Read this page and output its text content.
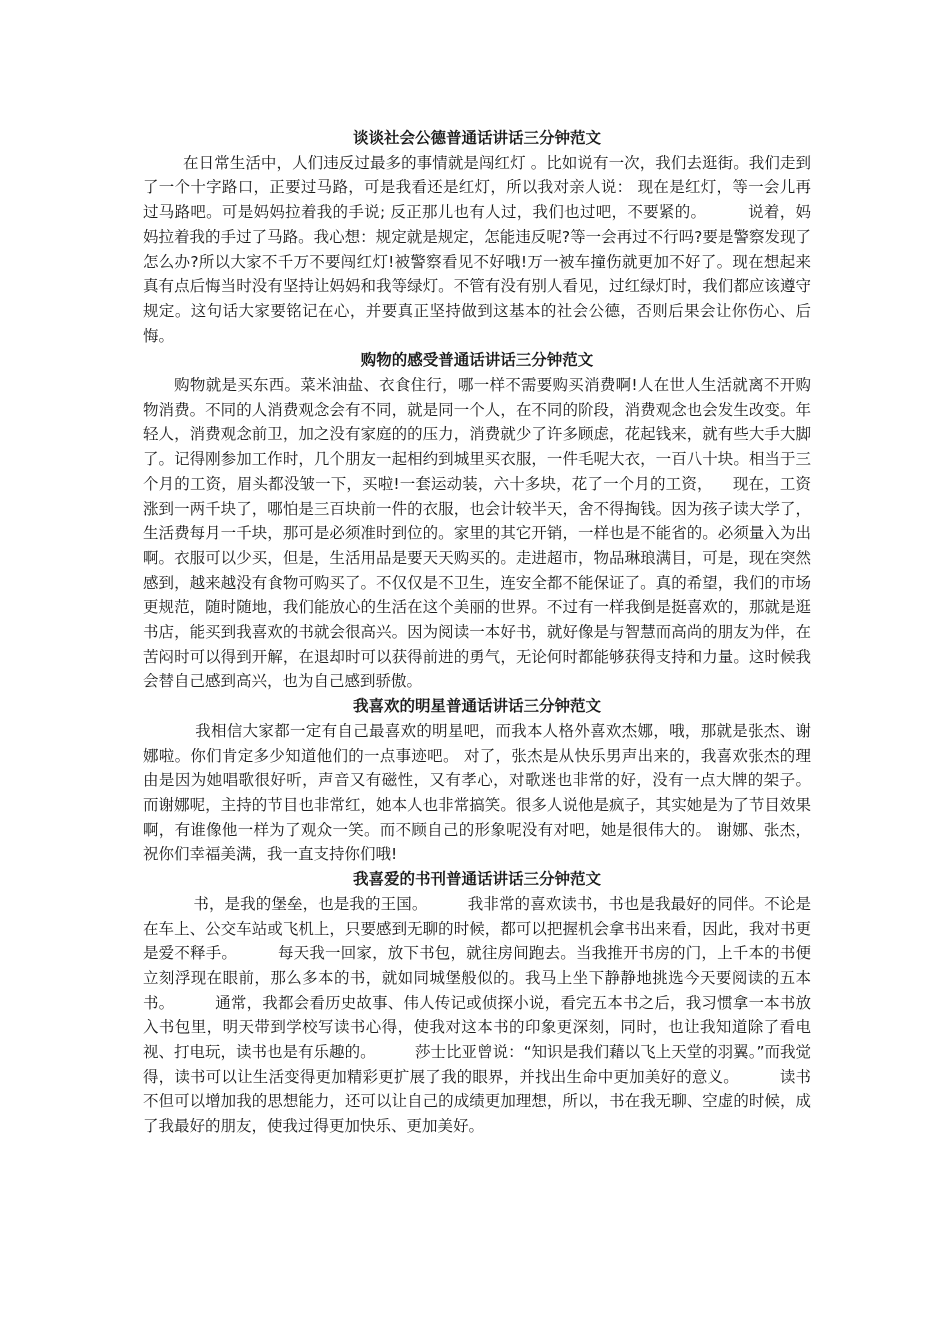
谈谈社会公德普通话讲话三分钟范文

在日常生活中，人们违反过最多的事情就是闯红灯 。比如说有一次，我们去逛街。我们走到了一个十字路口，正要过马路，可是我看还是红灯，所以我对亲人说： 现在是红灯，等一会儿再过马路吧。可是妈妈拉着我的手说; 反正那儿也有人过，我们也过吧，不要紧的。        说着，妈妈拉着我的手过了马路。我心想：规定就是规定，怎能违反呢?等一会再过不行吗?要是警察发现了怎么办?所以大家不千万不要闯红灯!被警察看见不好哦!万一被车撞伤就更加不好了。现在想起来真有点后悔当时没有坚持让妈妈和我等绿灯。不管有没有别人看见，过红绿灯时，我们都应该遵守规定。这句话大家要铭记在心，并要真正坚持做到这基本的社会公德，否则后果会让你伤心、后悔。

购物的感受普通话讲话三分钟范文

购物就是买东西。菜米油盐、衣食住行，哪一样不需要购买消费啊!人在世人生活就离不开购物消费。不同的人消费观念会有不同，就是同一个人，在不同的阶段，消费观念也会发生改变。年轻人，消费观念前卫，加之没有家庭的的压力，消费就少了许多顾虑，花起钱来，就有些大手大脚了。记得刚参加工作时，几个朋友一起相约到城里买衣服，一件毛呢大衣，一百八十块。相当于三个月的工资，眉头都没皱一下，买啦!一套运动装，六十多块，花了一个月的工资，    现在，工资涨到一两千块了，哪怕是三百块前一件的衣服，也会计较半天，舍不得掏钱。因为孩子读大学了，生活费每月一千块，那可是必须准时到位的。家里的其它开销，一样也是不能省的。必须量入为出啊。衣服可以少买，但是，生活用品是要天天购买的。走进超市，物品琳琅满目，可是，现在突然感到，越来越没有食物可购买了。不仅仅是不卫生，连安全都不能保证了。真的希望，我们的市场更规范，随时随地，我们能放心的生活在这个美丽的世界。不过有一样我倒是挺喜欢的，那就是逛书店，能买到我喜欢的书就会很高兴。因为阅读一本好书，就好像是与智慧而高尚的朋友为伴，在苦闷时可以得到开解，在退却时可以获得前进的勇气，无论何时都能够获得支持和力量。这时候我会替自己感到高兴，也为自己感到骄傲。

我喜欢的明星普通话讲话三分钟范文

我相信大家都一定有自己最喜欢的明星吧，而我本人格外喜欢杰娜，哦，那就是张杰、谢娜啦。你们肯定多少知道他们的一点事迹吧。 对了，张杰是从快乐男声出来的，我喜欢张杰的理由是因为她唱歌很好听，声音又有磁性，又有孝心，对歌迷也非常的好，没有一点大牌的架子。        而谢娜呢，主持的节目也非常红，她本人也非常搞笑。很多人说他是疯子，其实她是为了节目效果啊，有谁像他一样为了观众一笑。而不顾自己的形象呢没有对吧，她是很伟大的。 谢娜、张杰，祝你们幸福美满，我一直支持你们哦!

我喜爱的书刊普通话讲话三分钟范文

书，是我的堡垒，也是我的王国。        我非常的喜欢读书，书也是我最好的同伴。不论是在车上、公交车站或飞机上，只要感到无聊的时候，都可以把握机会拿书出来看，因此，我对书更是爱不释手。        每天我一回家，放下书包，就往房间跑去。当我推开书房的门，上千本的书便立刻浮现在眼前，那么多本的书，就如同城堡般似的。我马上坐下静静地挑选今天要阅读的五本书。        通常，我都会看历史故事、伟人传记或侦探小说，看完五本书之后，我习惯拿一本书放入书包里，明天带到学校写读书心得，使我对这本书的印象更深刻，同时，也让我知道除了看电视、打电玩，读书也是有乐趣的。        莎士比亚曾说：“知识是我们藉以飞上天堂的羽翼。”而我觉得，读书可以让生活变得更加精彩更扩展了我的眼界，并找出生命中更加美好的意义。        读书不但可以增加我的思想能力，还可以让自己的成绩更加理想，所以，书在我无聊、空虚的时候，成了我最好的朋友，使我过得更加快乐、更加美好。
